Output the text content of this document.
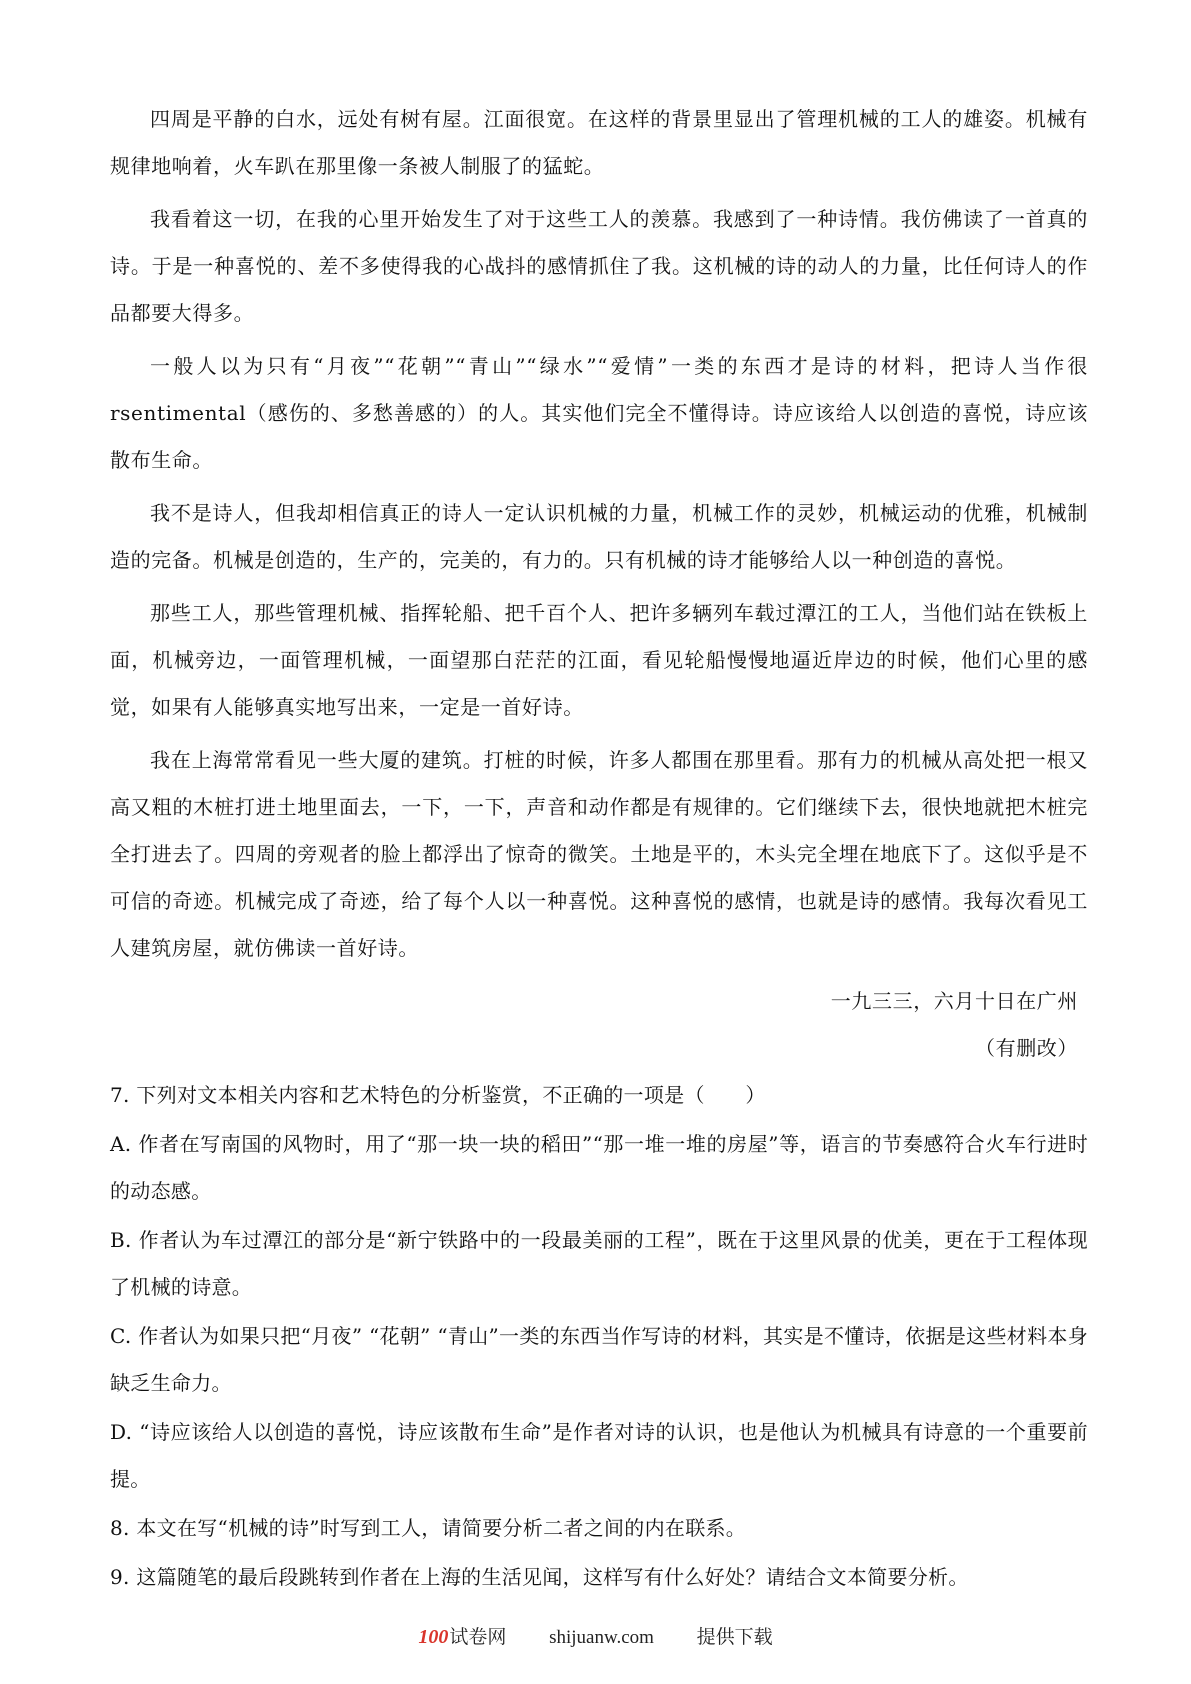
四周是平静的白水，远处有树有屋。江面很宽。在这样的背景里显出了管理机械的工人的雄姿。机械有规律地响着，火车趴在那里像一条被人制服了的猛蛇。

我看着这一切，在我的心里开始发生了对于这些工人的羡慕。我感到了一种诗情。我仿佛读了一首真的诗。于是一种喜悦的、差不多使得我的心战抖的感情抓住了我。这机械的诗的动人的力量，比任何诗人的作品都要大得多。

一般人以为只有“月夜”“花朝”“青山”“绿水”“爱情”一类的东西才是诗的材料，把诗人当作很 rsentimental（感伤的、多愁善感的）的人。其实他们完全不懂得诗。诗应该给人以创造的喜悦，诗应该散布生命。

我不是诗人，但我却相信真正的诗人一定认识机械的力量，机械工作的灵妙，机械运动的优雅，机械制造的完备。机械是创造的，生产的，完美的，有力的。只有机械的诗才能够给人以一种创造的喜悦。

那些工人，那些管理机械、指挥轮船、把千百个人、把许多辆列车载过潭江的工人，当他们站在铁板上面，机械旁边，一面管理机械，一面望那白茫茫的江面，看见轮船慢慢地逼近岸边的时候，他们心里的感觉，如果有人能够真实地写出来，一定是一首好诗。

我在上海常常看见一些大厦的建筑。打桩的时候，许多人都围在那里看。那有力的机械从高处把一根又高又粗的木桩打进土地里面去，一下，一下，声音和动作都是有规律的。它们继续下去，很快地就把木桩完全打进去了。四周的旁观者的脸上都浮出了惊奇的微笑。土地是平的，木头完全埋在地底下了。这似乎是不可信的奇迹。机械完成了奇迹，给了每个人以一种喜悦。这种喜悦的感情，也就是诗的感情。我每次看见工人建筑房屋，就仿佛读一首好诗。

一九三三，六月十日在广州

（有删改）

7. 下列对文本相关内容和艺术特色的分析鉴赏，不正确的一项是（　　）

A. 作者在写南国的风物时，用了“那一块一块的稻田”“那一堆一堆的房屋”等，语言的节奏感符合火车行进时的动态感。

B. 作者认为车过潭江的部分是“新宁铁路中的一段最美丽的工程”，既在于这里风景的优美，更在于工程体现了机械的诗意。

C. 作者认为如果只把“月夜” “花朝” “青山”一类的东西当作写诗的材料，其实是不懂诗，依据是这些材料本身缺乏生命力。

D. “诗应该给人以创造的喜悦，诗应该散布生命”是作者对诗的认识，也是他认为机械具有诗意的一个重要前提。

8. 本文在写“机械的诗”时写到工人，请简要分析二者之间的内在联系。

9. 这篇随笔的最后段跳转到作者在上海的生活见闻，这样写有什么好处？请结合文本简要分析。

100试卷网 shijuanw.com 提供下载
